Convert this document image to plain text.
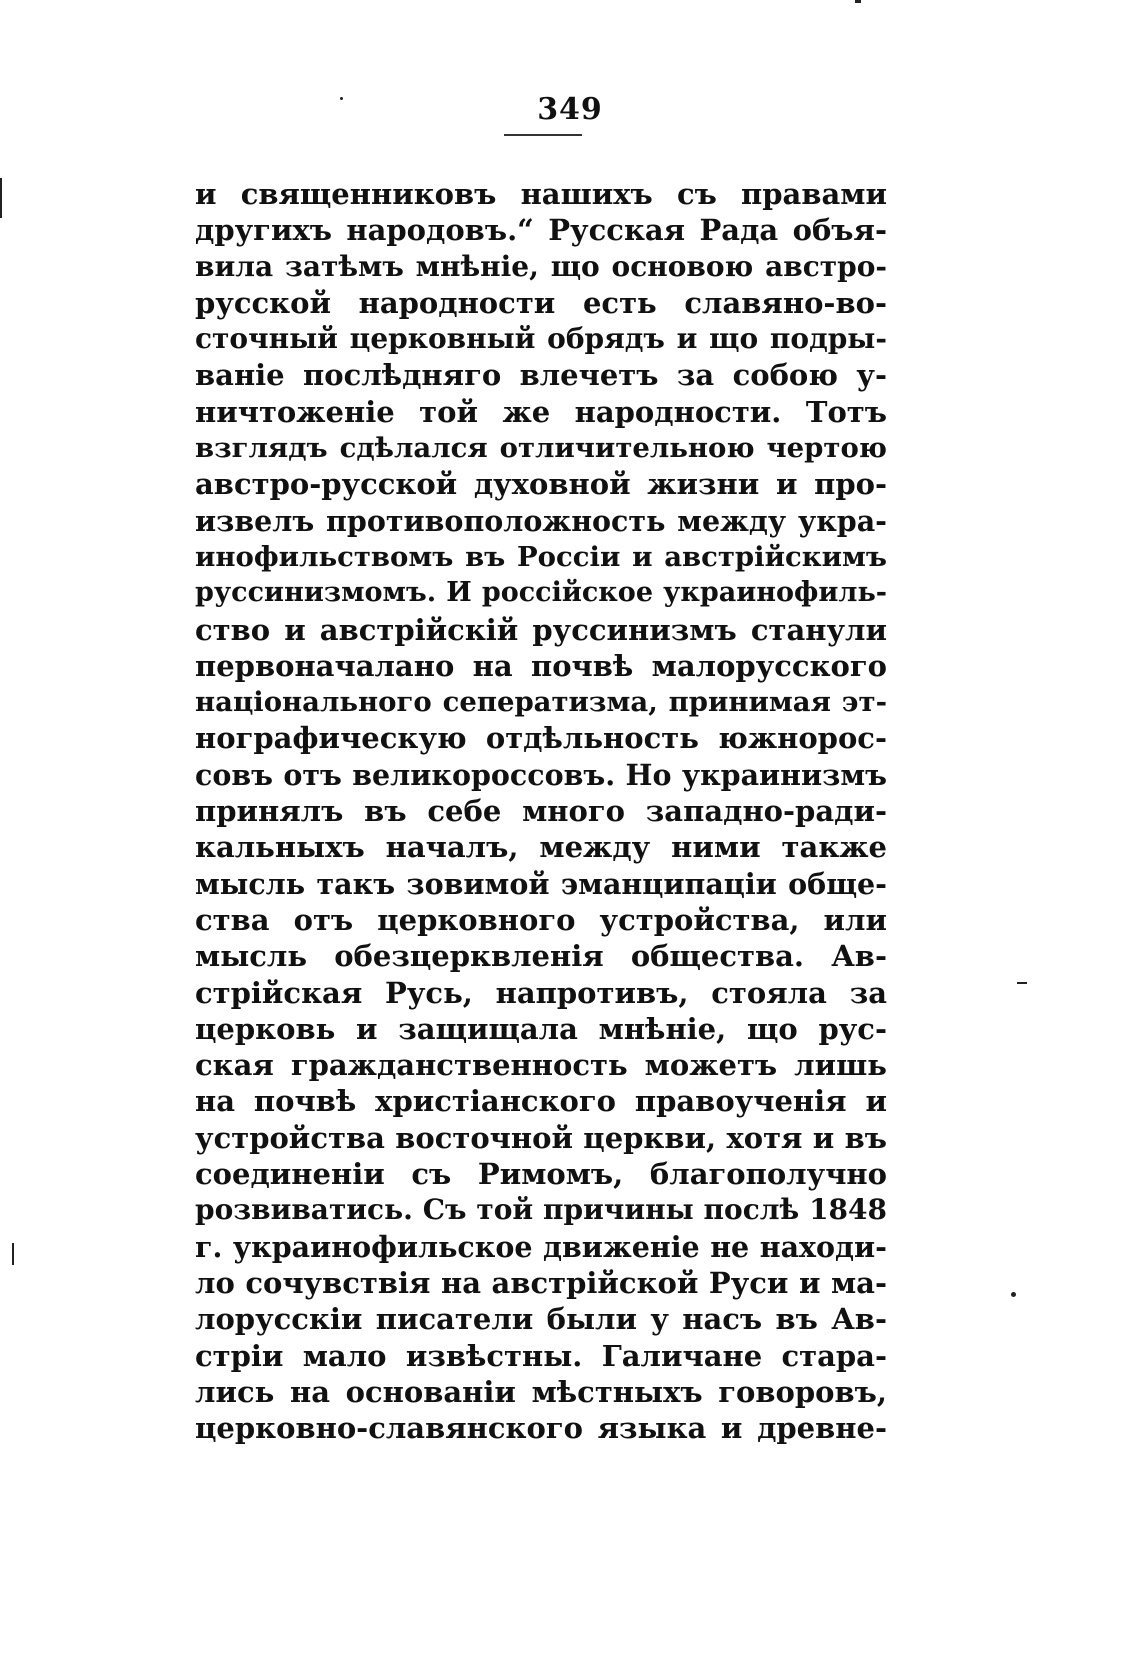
349
и священниковъ нашихъ съ правами
другихъ народовъ.“ Русская Рада объя-
вила затѣмъ мнѣніе, що основою австро-
русской народности есть славяно-во-
сточный церковный обрядъ и що подры-
ваніе послѣдняго влечетъ за собою у-
ничтоженіе той же народности. Тотъ
взглядъ сдѣлался отличительною чертою
австро-русской духовной жизни и про-
извелъ противоположность между укра-
инофильствомъ въ Россіи и австрійскимъ
руссинизмомъ. И россійское украинофиль-
ство и австрійскій руссинизмъ станули
первоначалано на почвѣ малорусского
національного сеператизма, принимая эт-
нографическую отдѣльность южнорос-
совъ отъ великороссовъ. Но украинизмъ
принялъ въ себе много западно-ради-
кальныхъ началъ, между ними также
мысль такъ зовимой эманципаціи обще-
ства отъ церковного устройства, или
мысль обезцерквленія общества. Ав-
стрійская Русь, напротивъ, стояла за
церковь и защищала мнѣніе, що рус-
ская гражданственность можетъ лишь
на почвѣ христіанского правоученія и
устройства восточной церкви, хотя и въ
соединеніи съ Римомъ, благополучно
розвиватись. Съ той причины послѣ 1848
г. украинофильское движеніе не находи-
ло сочувствія на австрійской Руси и ма-
лорусскіи писатели были у насъ въ Ав-
стріи мало извѣстны. Галичане стара-
лись на основаніи мѣстныхъ говоровъ,
церковно-славянского языка и древне-
